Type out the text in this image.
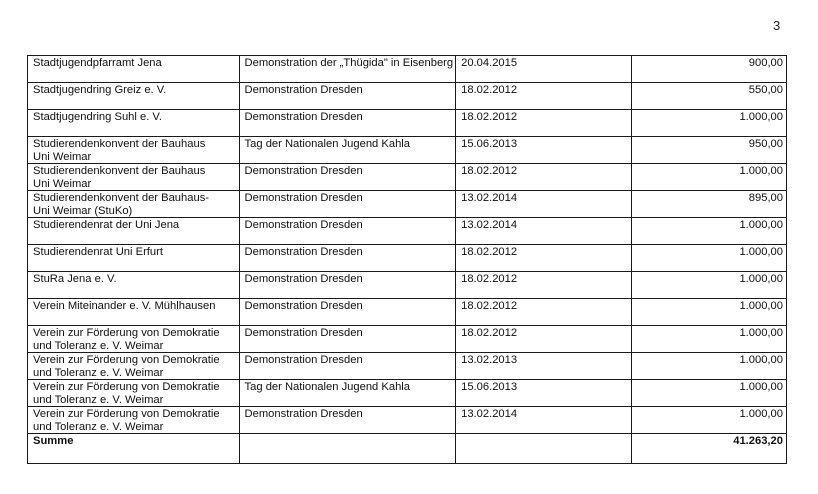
3
Stadtjugendpfarramt Jena	Demonstration der „Thügida" in Eisenberg	20.04.2015	900,00
Stadtjugendring Greiz e. V.	Demonstration Dresden	18.02.2012	550,00
Stadtjugendring Suhl e. V.	Demonstration Dresden	18.02.2012	1.000,00
Studierendenkonvent der Bauhaus
Uni Weimar	Tag der Nationalen Jugend Kahla	15.06.2013	950,00
Studierendenkonvent der Bauhaus
Uni Weimar	Demonstration Dresden	18.02.2012	1.000,00
Studierendenkonvent der Bauhaus-
Uni Weimar (StuKo)	Demonstration Dresden	13.02.2014	895,00
Studierendenrat der Uni Jena	Demonstration Dresden	13.02.2014	1.000,00
Studierendenrat Uni Erfurt	Demonstration Dresden	18.02.2012	1.000,00
StuRa Jena e. V.	Demonstration Dresden	18.02.2012	1.000,00
Verein Miteinander e. V. Mühlhausen	Demonstration Dresden	18.02.2012	1.000,00
Verein zur Förderung von Demokratie
und Toleranz e. V. Weimar	Demonstration Dresden	18.02.2012	1.000,00
Verein zur Förderung von Demokratie
und Toleranz e. V. Weimar	Demonstration Dresden	13.02.2013	1.000,00
Verein zur Förderung von Demokratie
und Toleranz e. V. Weimar	Tag der Nationalen Jugend Kahla	15.06.2013	1.000,00
Verein zur Förderung von Demokratie
und Toleranz e. V. Weimar	Demonstration Dresden	13.02.2014	1.000,00
Summe			41.263,20
